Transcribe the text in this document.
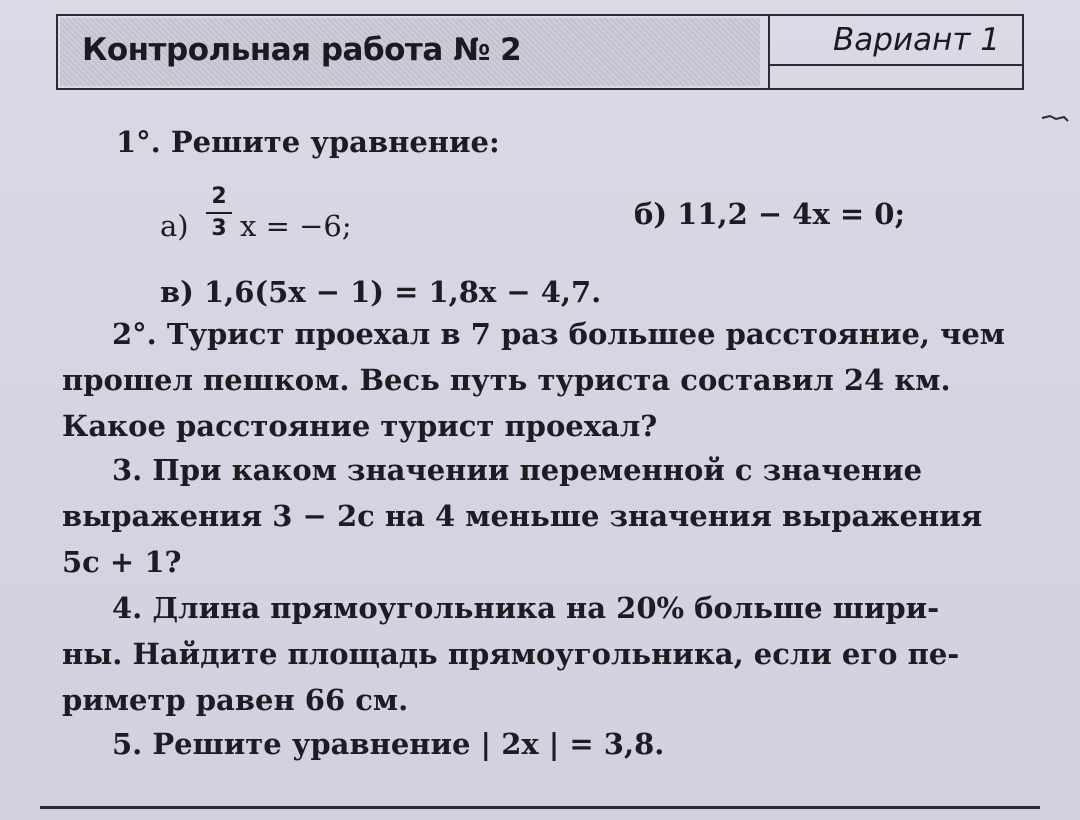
Контрольная работа № 2	Вариант 1
1°. Решите уравнение:
а)
2
3 x = −6;	б) 11,2 − 4x = 0;
в) 1,6(5x − 1) = 1,8x − 4,7.
2°. Турист проехал в 7 раз большее расстояние, чем
прошел пешком. Весь путь туриста составил 24 км.
Какое расстояние турист проехал?
3. При каком значении переменной c значение
выражения 3 − 2c на 4 меньше значения выражения
5c + 1?
4. Длина прямоугольника на 20% больше шири-
ны. Найдите площадь прямоугольника, если его пе-
риметр равен 66 см.
5. Решите уравнение | 2x | = 3,8.
